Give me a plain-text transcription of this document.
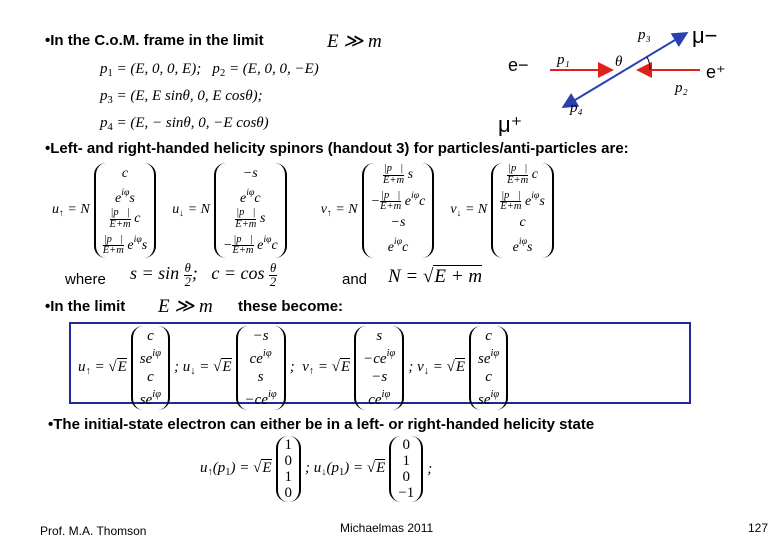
•In the C.o.M. frame in the limit	E ≫ m
$p_1 = (E$, 0, 0, E);   $p_2 = (E$, 0, 0, −E)
$p_3 = (E$, E sinθ, 0, E cosθ);
$p_4 = (E$, − sinθ, 0, −E cosθ)
e−	e⁺
μ−
μ⁺
p₁
p₂
p₃
p₄
θ
•Left- and right-handed helicity spinors (handout 3) for particles/anti-particles are:
$u_↑ = N$
c
$e^{i\varphi}s$
$\frac{|p⃗|}{E+m}$ c
$\frac{|p⃗|}{E+m} e^{i\varphi}s$
$u_↓ = N$
−s
$e^{i\varphi}c$
$\frac{|p⃗|}{E+m}$ s
− $\frac{|p⃗|}{E+m} e^{i\varphi}c$
$v_↑ = N$
$\frac{|p⃗|}{E+m}$ s
− $\frac{|p⃗|}{E+m} e^{i\varphi}c$
−s
$e^{i\varphi}c$
$v_↓ = N$
$\frac{|p⃗|}{E+m}$ c
$\frac{|p⃗|}{E+m} e^{i\varphi}s$
c
$e^{i\varphi}s$
where $s = \sin \frac{\theta}{2}$ ;   $c = \cos \frac{\theta}{2}$	and N = √E + m
•In the limit E ≫ m these become:
$u_↑ = √E$
c
$se^{i\varphi}$
c
$se^{i\varphi}$
; $u_↓ = √E$
−s
$ce^{i\varphi}$
s
$-ce^{i\varphi}$
;  $v_↑ = √E$
s
$-ce^{i\varphi}$
−s
$ce^{i\varphi}$
; $v_↓ = √E$
c
$se^{i\varphi}$
c
$se^{i\varphi}$
•The initial-state electron can either be in a left- or right-handed helicity state
$u_↑(p_1) = √E$
1
0
1
0
; $u_↓(p_1) = √E$
0
1
0
−1
;
Prof. M.A. Thomson	Michaelmas 2011	127
